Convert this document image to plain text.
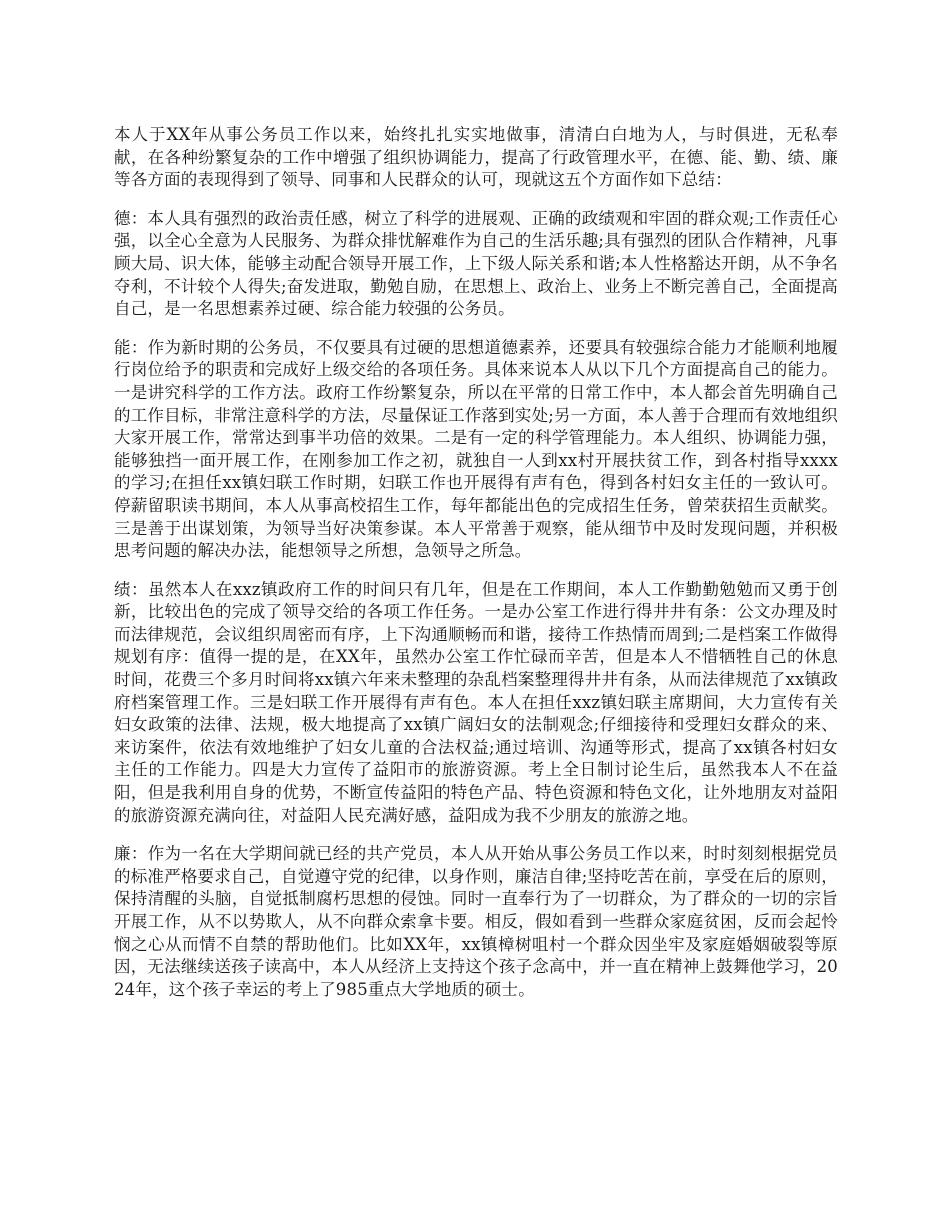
本人于XX年从事公务员工作以来，始终扎扎实实地做事，清清白白地为人，与时俱进，无私奉献，在各种纷繁复杂的工作中增强了组织协调能力，提高了行政管理水平，在德、能、勤、绩、廉等各方面的表现得到了领导、同事和人民群众的认可，现就这五个方面作如下总结：

德：本人具有强烈的政治责任感，树立了科学的进展观、正确的政绩观和牢固的群众观;工作责任心强，以全心全意为人民服务、为群众排忧解难作为自己的生活乐趣;具有强烈的团队合作精神，凡事顾大局、识大体，能够主动配合领导开展工作，上下级人际关系和谐;本人性格豁达开朗，从不争名夺利，不计较个人得失;奋发进取，勤勉自励，在思想上、政治上、业务上不断完善自己，全面提高自己，是一名思想素养过硬、综合能力较强的公务员。

能：作为新时期的公务员，不仅要具有过硬的思想道德素养，还要具有较强综合能力才能顺利地履行岗位给予的职责和完成好上级交给的各项任务。具体来说本人从以下几个方面提高自己的能力。一是讲究科学的工作方法。政府工作纷繁复杂，所以在平常的日常工作中，本人都会首先明确自己的工作目标，非常注意科学的方法，尽量保证工作落到实处;另一方面，本人善于合理而有效地组织大家开展工作，常常达到事半功倍的效果。二是有一定的科学管理能力。本人组织、协调能力强，能够独挡一面开展工作，在刚参加工作之初，就独自一人到xx村开展扶贫工作，到各村指导xxxx的学习;在担任xx镇妇联工作时期，妇联工作也开展得有声有色，得到各村妇女主任的一致认可。停薪留职读书期间，本人从事高校招生工作，每年都能出色的完成招生任务，曾荣获招生贡献奖。三是善于出谋划策，为领导当好决策参谋。本人平常善于观察，能从细节中及时发现问题，并积极思考问题的解决办法，能想领导之所想，急领导之所急。

绩：虽然本人在xxz镇政府工作的时间只有几年，但是在工作期间，本人工作勤勤勉勉而又勇于创新，比较出色的完成了领导交给的各项工作任务。一是办公室工作进行得井井有条：公文办理及时而法律规范，会议组织周密而有序，上下沟通顺畅而和谐，接待工作热情而周到;二是档案工作做得规划有序：值得一提的是，在XX年，虽然办公室工作忙碌而辛苦，但是本人不惜牺牲自己的休息时间，花费三个多月时间将xx镇六年来未整理的杂乱档案整理得井井有条，从而法律规范了xx镇政府档案管理工作。三是妇联工作开展得有声有色。本人在担任xxz镇妇联主席期间，大力宣传有关妇女政策的法律、法规，极大地提高了xx镇广阔妇女的法制观念;仔细接待和受理妇女群众的来、来访案件，依法有效地维护了妇女儿童的合法权益;通过培训、沟通等形式，提高了xx镇各村妇女主任的工作能力。四是大力宣传了益阳市的旅游资源。考上全日制讨论生后，虽然我本人不在益阳，但是我利用自身的优势，不断宣传益阳的特色产品、特色资源和特色文化，让外地朋友对益阳的旅游资源充满向往，对益阳人民充满好感，益阳成为我不少朋友的旅游之地。

廉：作为一名在大学期间就已经的共产党员，本人从开始从事公务员工作以来，时时刻刻根据党员的标准严格要求自己，自觉遵守党的纪律，以身作则，廉洁自律;坚持吃苦在前，享受在后的原则，保持清醒的头脑，自觉抵制腐朽思想的侵蚀。同时一直奉行为了一切群众，为了群众的一切的宗旨开展工作，从不以势欺人，从不向群众索拿卡要。相反，假如看到一些群众家庭贫困，反而会起怜悯之心从而情不自禁的帮助他们。比如XX年，xx镇樟树咀村一个群众因坐牢及家庭婚姻破裂等原因，无法继续送孩子读高中，本人从经济上支持这个孩子念高中，并一直在精神上鼓舞他学习，2024年，这个孩子幸运的考上了985重点大学地质的硕士。
